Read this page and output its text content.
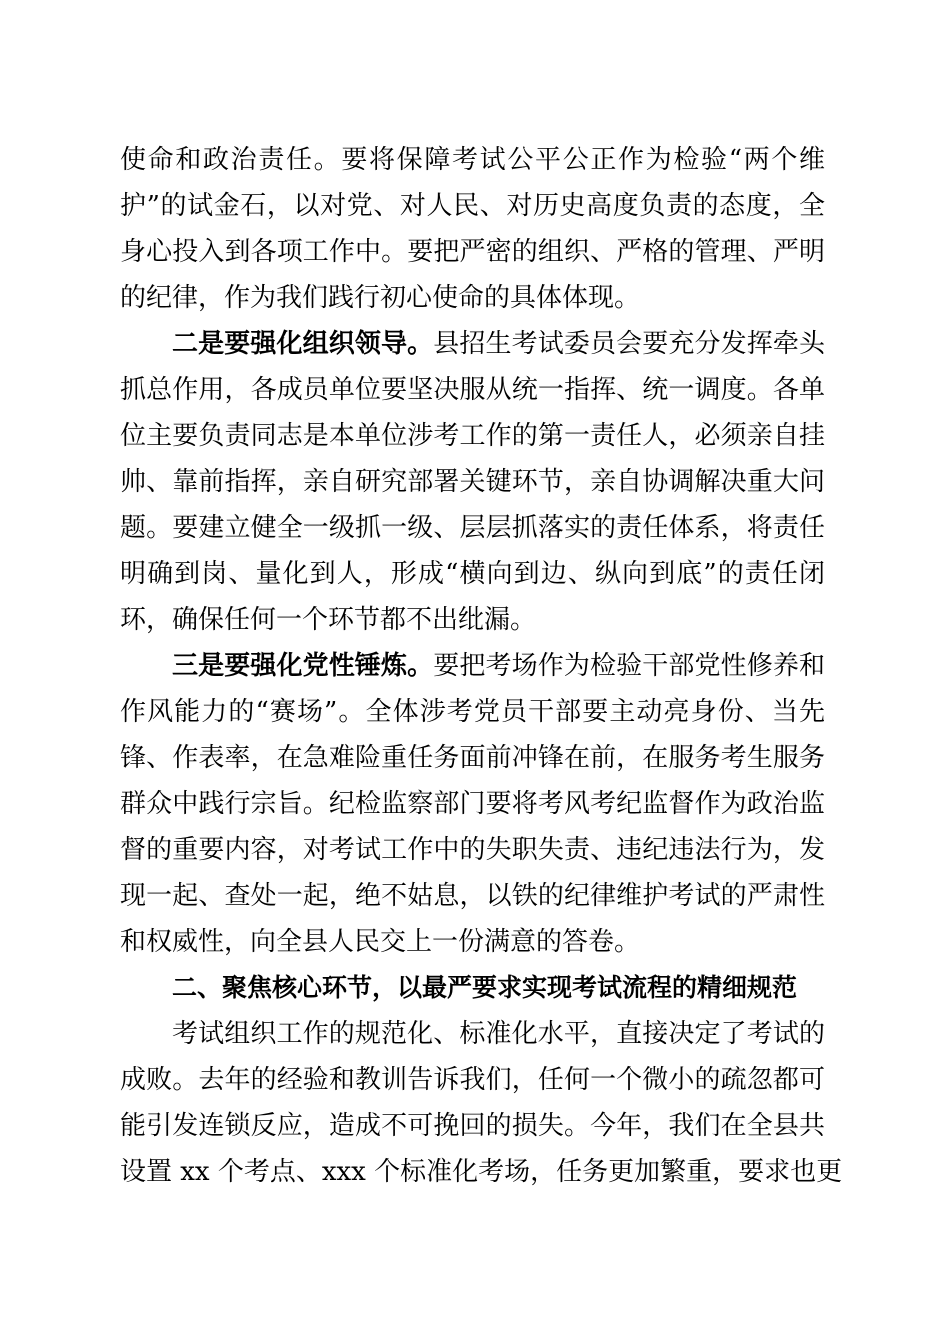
使命和政治责任。要将保障考试公平公正作为检验“两个维
护”的试金石，以对党、对人民、对历史高度负责的态度，全
身心投入到各项工作中。要把严密的组织、严格的管理、严明
的纪律，作为我们践行初心使命的具体体现。
二是要强化组织领导。县招生考试委员会要充分发挥牵头
抓总作用，各成员单位要坚决服从统一指挥、统一调度。各单
位主要负责同志是本单位涉考工作的第一责任人，必须亲自挂
帅、靠前指挥，亲自研究部署关键环节，亲自协调解决重大问
题。要建立健全一级抓一级、层层抓落实的责任体系，将责任
明确到岗、量化到人，形成“横向到边、纵向到底”的责任闭
环，确保任何一个环节都不出纰漏。
三是要强化党性锤炼。要把考场作为检验干部党性修养和
作风能力的“赛场”。全体涉考党员干部要主动亮身份、当先
锋、作表率，在急难险重任务面前冲锋在前，在服务考生服务
群众中践行宗旨。纪检监察部门要将考风考纪监督作为政治监
督的重要内容，对考试工作中的失职失责、违纪违法行为，发
现一起、查处一起，绝不姑息，以铁的纪律维护考试的严肃性
和权威性，向全县人民交上一份满意的答卷。
二、聚焦核心环节，以最严要求实现考试流程的精细规范
考试组织工作的规范化、标准化水平，直接决定了考试的
成败。去年的经验和教训告诉我们，任何一个微小的疏忽都可
能引发连锁反应，造成不可挽回的损失。今年，我们在全县共
设置 xx 个考点、xxx 个标准化考场，任务更加繁重，要求也更
